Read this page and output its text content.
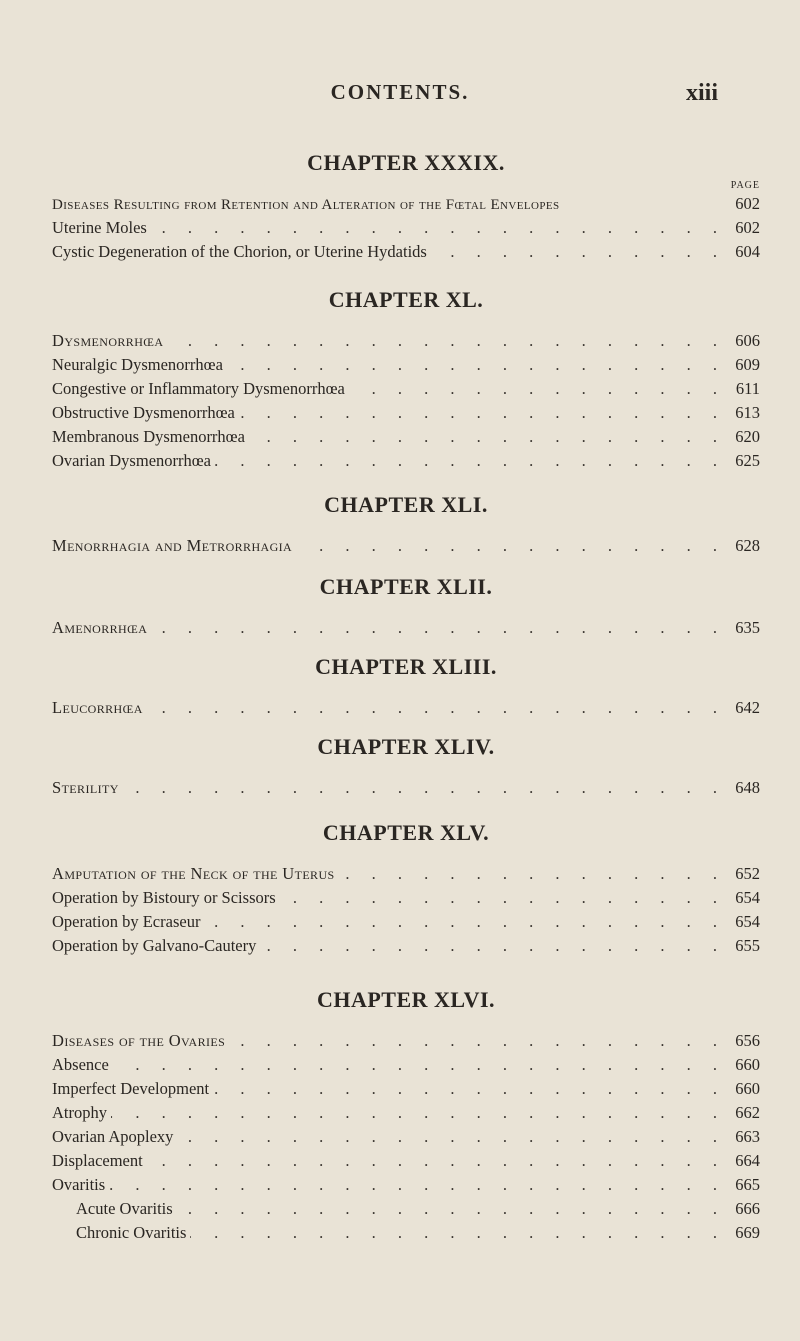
CONTENTS.	xiii
CHAPTER XXXIX.
PAGE
Diseases Resulting from Retention and Alteration of the Fœtal Envelopes	602
Uterine Moles . . .	602
Cystic Degeneration of the Chorion, or Uterine Hydatids . . .	604
CHAPTER XL.
Dysmenorrhœa . . .	606
Neuralgic Dysmenorrhœa . . .	609
Congestive or Inflammatory Dysmenorrhœa . . .	611
Obstructive Dysmenorrhœa . . .	613
Membranous Dysmenorrhœa . . .	620
Ovarian Dysmenorrhœa . . .	625
CHAPTER XLI.
Menorrhagia and Metrorrhagia . . .	628
CHAPTER XLII.
Amenorrhœa . . .	635
CHAPTER XLIII.
Leucorrhœa . . .	642
CHAPTER XLIV.
Sterility . . .	648
CHAPTER XLV.
Amputation of the Neck of the Uterus . . .	652
Operation by Bistoury or Scissors . . .	654
Operation by Ecraseur . . .	654
Operation by Galvano-Cautery . . .	655
CHAPTER XLVI.
Diseases of the Ovaries . . .	656
Absence . . .	660
Imperfect Development . . .	660
Atrophy . . .	662
Ovarian Apoplexy . . .	663
Displacement . . .	664
Ovaritis . . .	665
Acute Ovaritis . . .	666
Chronic Ovaritis . . .	669
